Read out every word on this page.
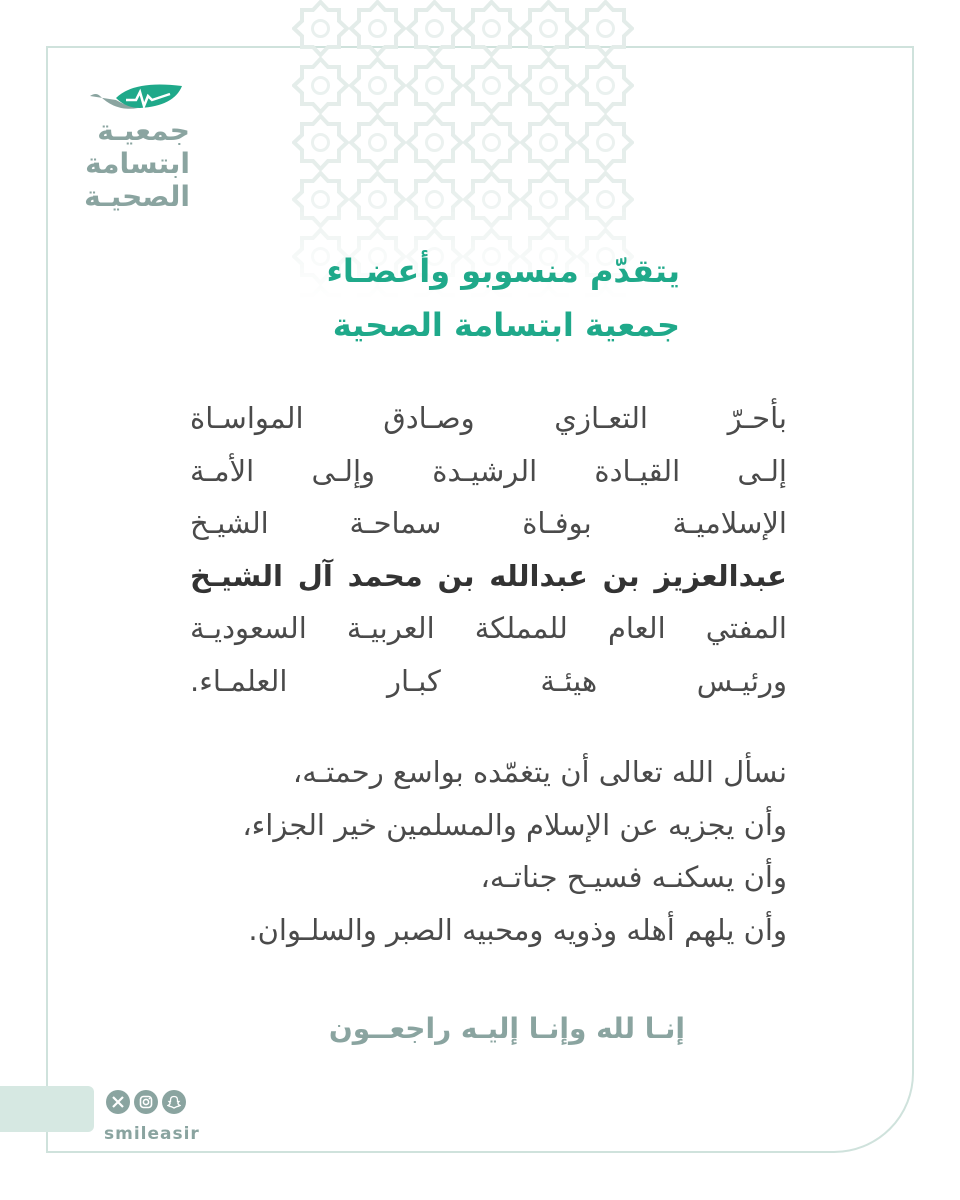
جمعيـة
ابتسامة
الصحيـة
يتقدّم منسوبو وأعضـاء
جمعية ابتسامة الصحية
بأحـرّ التعـازي وصـادق المواسـاة
إلـى القيـادة الرشيـدة وإلـى الأمـة
الإسلاميـة بوفـاة سماحـة الشيـخ
عبدالعزيز بن عبدالله بن محمد آل الشيـخ
المفتي العام للمملكة العربيـة السعوديـة
ورئيـس هيئـة كبـار العلمـاء.
نسأل الله تعالى أن يتغمّده بواسع رحمتـه،
وأن يجزيه عن الإسلام والمسلمين خير الجزاء،
وأن يسكنـه فسيـح جناتـه،
وأن يلهم أهله وذويه ومحبيه الصبر والسلـوان.
إنـا لله وإنـا إليـه راجعــون
smileasir
